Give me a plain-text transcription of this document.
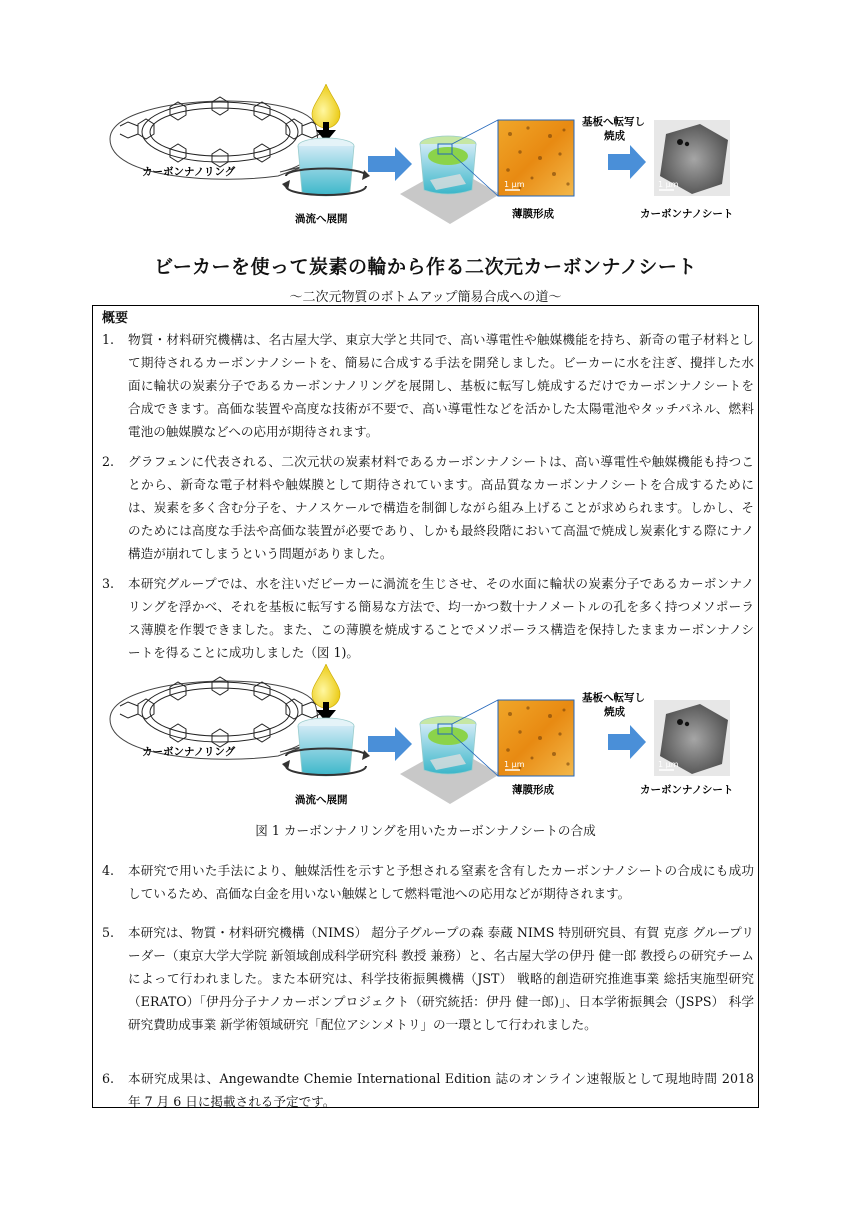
カーボンナノリング
渦流へ展開	薄膜形成
基板へ転写し
焼成
カーボンナノシート
1 µm	1 µm
ビーカーを使って炭素の輪から作る二次元カーボンナノシート
〜二次元物質のボトムアップ簡易合成への道〜
概要
1. 物質・材料研究機構は、名古屋大学、東京大学と共同で、高い導電性や触媒機能を持ち、新奇の電子材料として期待されるカーボンナノシートを、簡易に合成する手法を開発しました。ビーカーに水を注ぎ、攪拌した水面に輪状の炭素分子であるカーボンナノリングを展開し、基板に転写し焼成するだけでカーボンナノシートを合成できます。高価な装置や高度な技術が不要で、高い導電性などを活かした太陽電池やタッチパネル、燃料電池の触媒膜などへの応用が期待されます。
2. グラフェンに代表される、二次元状の炭素材料であるカーボンナノシートは、高い導電性や触媒機能も持つことから、新奇な電子材料や触媒膜として期待されています。高品質なカーボンナノシートを合成するためには、炭素を多く含む分子を、ナノスケールで構造を制御しながら組み上げることが求められます。しかし、そのためには高度な手法や高価な装置が必要であり、しかも最終段階において高温で焼成し炭素化する際にナノ構造が崩れてしまうという問題がありました。
3. 本研究グループでは、水を注いだビーカーに渦流を生じさせ、その水面に輪状の炭素分子であるカーボンナノリングを浮かべ、それを基板に転写する簡易な方法で、均一かつ数十ナノメートルの孔を多く持つメソポーラス薄膜を作製できました。また、この薄膜を焼成することでメソポーラス構造を保持したままカーボンナノシートを得ることに成功しました（図 1)。
カーボンナノリング
渦流へ展開
薄膜形成
基板へ転写し
焼成
カーボンナノシート
1 µm	1 µm
図 1 カーボンナノリングを用いたカーボンナノシートの合成
4. 本研究で用いた手法により、触媒活性を示すと予想される窒素を含有したカーボンナノシートの合成にも成功しているため、高価な白金を用いない触媒として燃料電池への応用などが期待されます。
5. 本研究は、物質・材料研究機構（NIMS） 超分子グループの森 泰蔵 NIMS 特別研究員、有賀 克彦 グループリーダー（東京大学大学院 新領域創成科学研究科 教授 兼務）と、名古屋大学の伊丹 健一郎 教授らの研究チームによって行われました。また本研究は、科学技術振興機構（JST） 戦略的創造研究推進事業 総括実施型研究（ERATO）「伊丹分子ナノカーボンプロジェクト（研究統括：伊丹 健一郎)」、日本学術振興会（JSPS） 科学研究費助成事業 新学術領域研究「配位アシンメトリ」の一環として行われました。
6. 本研究成果は、Angewandte Chemie International Edition 誌のオンライン速報版として現地時間 2018 年 7 月 6 日に掲載される予定です。
